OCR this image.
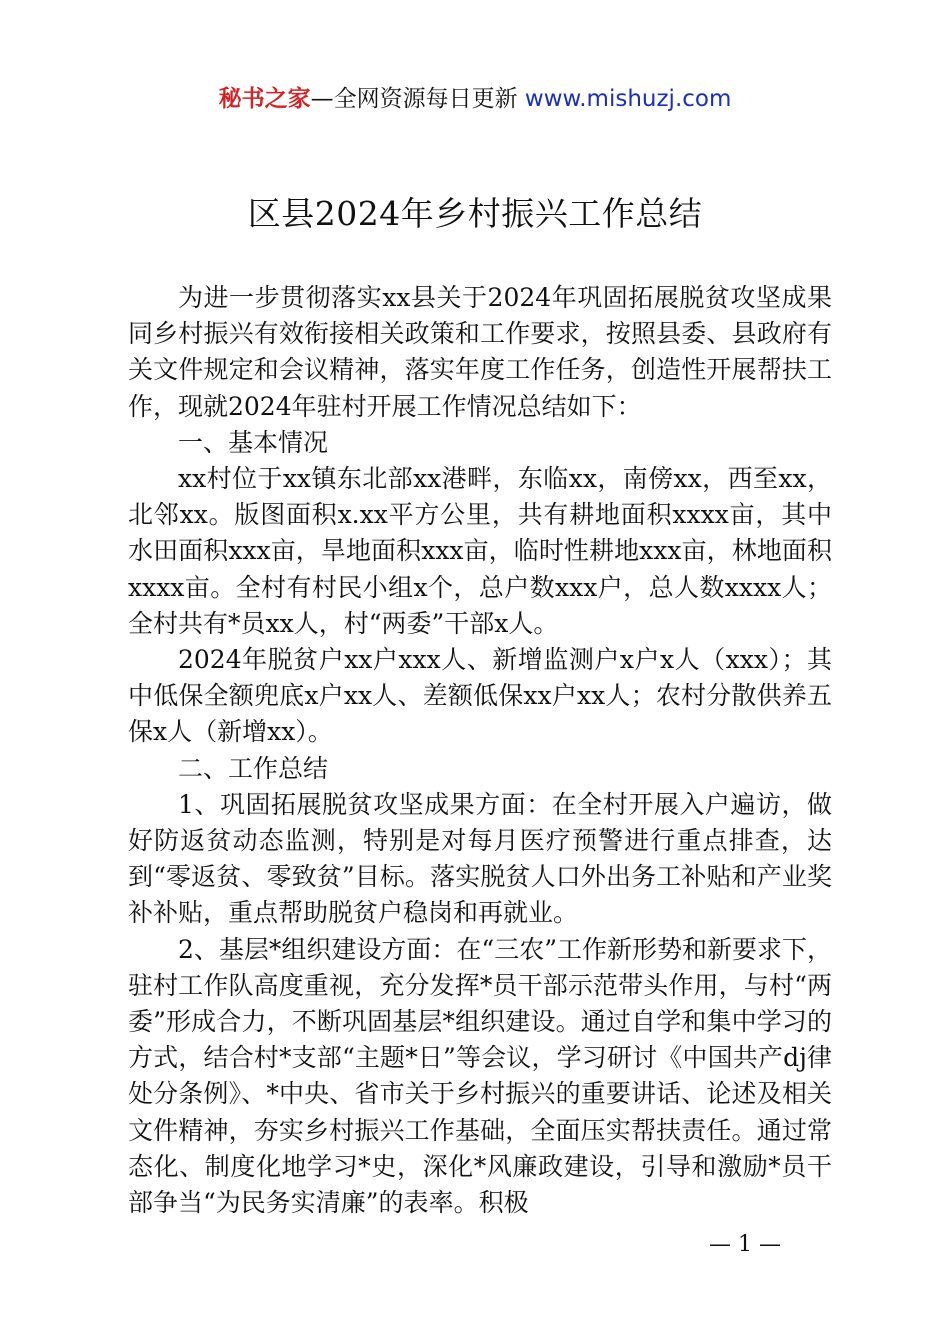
秘书之家—全网资源每日更新 www.mishuzj.com
区县2024年乡村振兴工作总结

为进一步贯彻落实xx县关于2024年巩固拓展脱贫攻坚成果同乡村振兴有效衔接相关政策和工作要求，按照县委、县政府有关文件规定和会议精神，落实年度工作任务，创造性开展帮扶工作，现就2024年驻村开展工作情况总结如下：

一、基本情况

xx村位于xx镇东北部xx港畔，东临xx，南傍xx，西至xx，北邻xx。版图面积x.xx平方公里，共有耕地面积xxxx亩，其中水田面积xxx亩，旱地面积xxx亩，临时性耕地xxx亩，林地面积xxxx亩。全村有村民小组x个，总户数xxx户，总人数xxxx人；全村共有*员xx人，村“两委”干部x人。

2024年脱贫户xx户xxx人、新增监测户x户x人（xxx）；其中低保全额兜底x户xx人、差额低保xx户xx人；农村分散供养五保x人（新增xx）。

二、工作总结

1、巩固拓展脱贫攻坚成果方面：在全村开展入户遍访，做好防返贫动态监测，特别是对每月医疗预警进行重点排查，达到“零返贫、零致贫”目标。落实脱贫人口外出务工补贴和产业奖补补贴，重点帮助脱贫户稳岗和再就业。

2、基层*组织建设方面：在“三农”工作新形势和新要求下，驻村工作队高度重视，充分发挥*员干部示范带头作用，与村“两委”形成合力，不断巩固基层*组织建设。通过自学和集中学习的方式，结合村*支部“主题*日”等会议，学习研讨《中国共产dj律处分条例》、*中央、省市关于乡村振兴的重要讲话、论述及相关文件精神，夯实乡村振兴工作基础，全面压实帮扶责任。通过常态化、制度化地学习*史，深化*风廉政建设，引导和激励*员干部争当“为民务实清廉”的表率。积极

— 1 —
